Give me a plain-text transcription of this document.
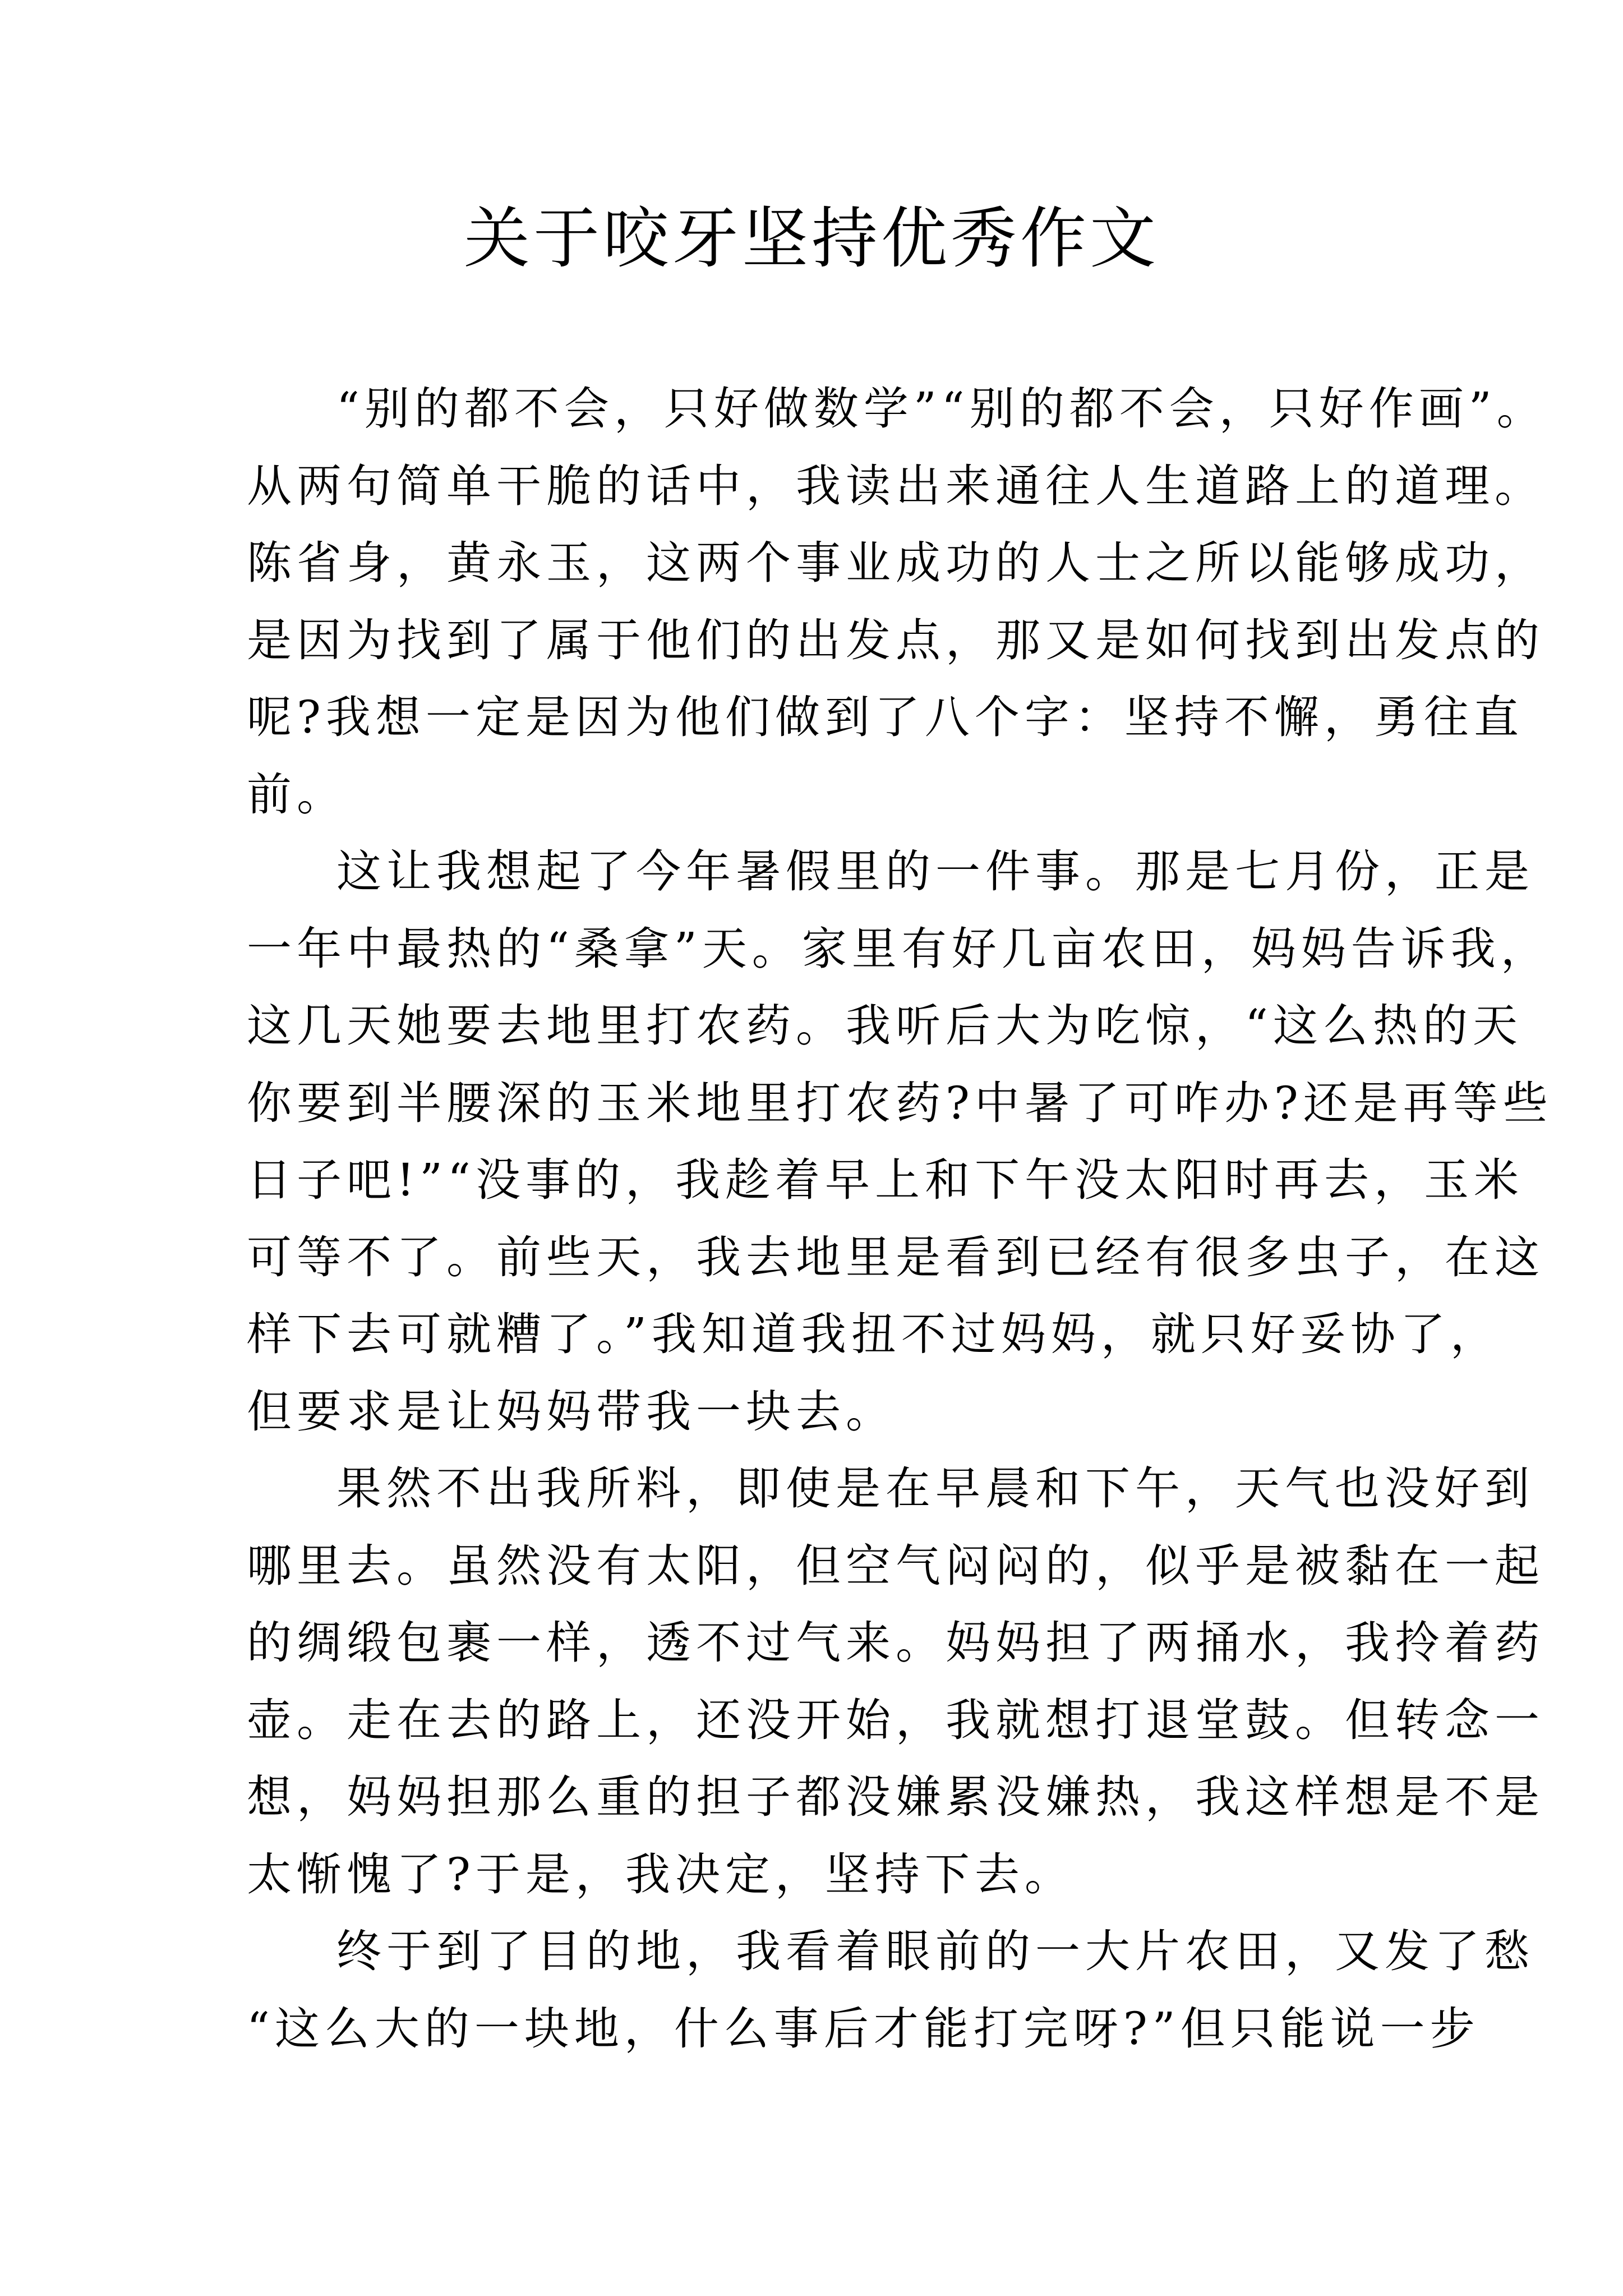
关于咬牙坚持优秀作文

“别的都不会，只好做数学”“别的都不会，只好作画”。
从两句简单干脆的话中，我读出来通往人生道路上的道理。
陈省身，黄永玉，这两个事业成功的人士之所以能够成功，
是因为找到了属于他们的出发点，那又是如何找到出发点的
呢?我想一定是因为他们做到了八个字：坚持不懈，勇往直
前。

这让我想起了今年暑假里的一件事。那是七月份，正是
一年中最热的“桑拿”天。家里有好几亩农田，妈妈告诉我，
这几天她要去地里打农药。我听后大为吃惊，“这么热的天
你要到半腰深的玉米地里打农药?中暑了可咋办?还是再等些
日子吧!”“没事的，我趁着早上和下午没太阳时再去，玉米
可等不了。前些天，我去地里是看到已经有很多虫子，在这
样下去可就糟了。”我知道我扭不过妈妈，就只好妥协了，
但要求是让妈妈带我一块去。

果然不出我所料，即使是在早晨和下午，天气也没好到
哪里去。虽然没有太阳，但空气闷闷的，似乎是被黏在一起
的绸缎包裹一样，透不过气来。妈妈担了两捅水，我拎着药
壶。走在去的路上，还没开始，我就想打退堂鼓。但转念一
想，妈妈担那么重的担子都没嫌累没嫌热，我这样想是不是
太惭愧了?于是，我决定，坚持下去。

终于到了目的地，我看着眼前的一大片农田，又发了愁
“这么大的一块地，什么事后才能打完呀?”但只能说一步
